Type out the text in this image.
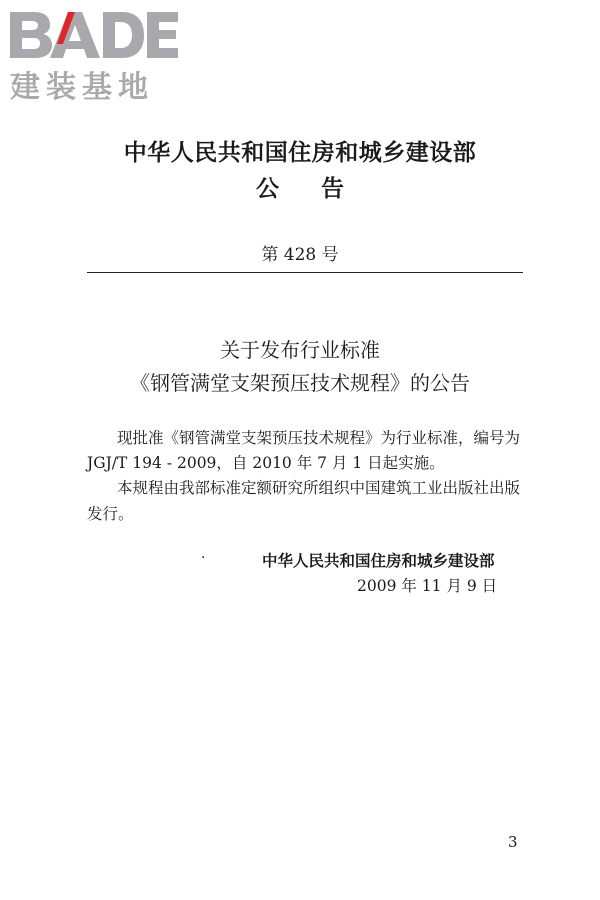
建装基地
中华人民共和国住房和城乡建设部
公告
第 428 号
关于发布行业标准
《钢管满堂支架预压技术规程》的公告
现批准《钢管满堂支架预压技术规程》为行业标准，编号为
JGJ/T 194 - 2009，自 2010 年 7 月 1 日起实施。
本规程由我部标准定额研究所组织中国建筑工业出版社出版
发行。
·	中华人民共和国住房和城乡建设部
2009 年 11 月 9 日
3
